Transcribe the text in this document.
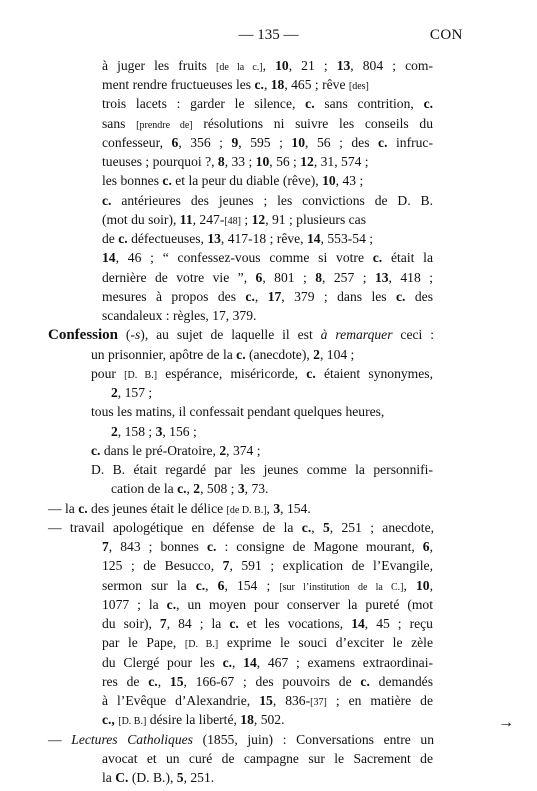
— 135 —	CON
à juger les fruits [de la c.], 10, 21 ; 13, 804 ; com-
ment rendre fructueuses les c., 18, 465 ; rêve [des]
trois lacets : garder le silence, c. sans contrition, c.
sans [prendre de] résolutions ni suivre les conseils du
confesseur, 6, 356 ; 9, 595 ; 10, 56 ; des c. infruc-
tueuses ; pourquoi ?, 8, 33 ; 10, 56 ; 12, 31, 574 ;
les bonnes c. et la peur du diable (rêve), 10, 43 ;
c. antérieures des jeunes ; les convictions de D. B.
(mot du soir), 11, 247-[48] ; 12, 91 ; plusieurs cas
de c. défectueuses, 13, 417-18 ; rêve, 14, 553-54 ;
14, 46 ; “ confessez-vous comme si votre c. était la
dernière de votre vie ”, 6, 801 ; 8, 257 ; 13, 418 ;
mesures à propos des c., 17, 379 ; dans les c. des
scandaleux : règles, 17, 379.
Confession (-s), au sujet de laquelle il est à remarquer ceci :
un prisonnier, apôtre de la c. (anecdote), 2, 104 ;
pour [D. B.] espérance, miséricorde, c. étaient synonymes,
2, 157 ;
tous les matins, il confessait pendant quelques heures,
2, 158 ; 3, 156 ;
c. dans le pré-Oratoire, 2, 374 ;
D. B. était regardé par les jeunes comme la personnifi-
cation de la c., 2, 508 ; 3, 73.
— la c. des jeunes était le délice [de D. B.], 3, 154.
— travail apologétique en défense de la c., 5, 251 ; anecdote,
7, 843 ; bonnes c. : consigne de Magone mourant, 6,
125 ; de Besucco, 7, 591 ; explication de l’Evangile,
sermon sur la c., 6, 154 ; [sur l’institution de la C.], 10,
1077 ; la c., un moyen pour conserver la pureté (mot
du soir), 7, 84 ; la c. et les vocations, 14, 45 ; reçu
par le Pape, [D. B.] exprime le souci d’exciter le zèle
du Clergé pour les c., 14, 467 ; examens extraordinai-
res de c., 15, 166-67 ; des pouvoirs de c. demandés
à l’Evêque d’Alexandrie, 15, 836-[37] ; en matière de
c., [D. B.] désire la liberté, 18, 502.
— Lectures Catholiques (1855, juin) : Conversations entre un
avocat et un curé de campagne sur le Sacrement de
la C. (D. B.), 5, 251.
→
